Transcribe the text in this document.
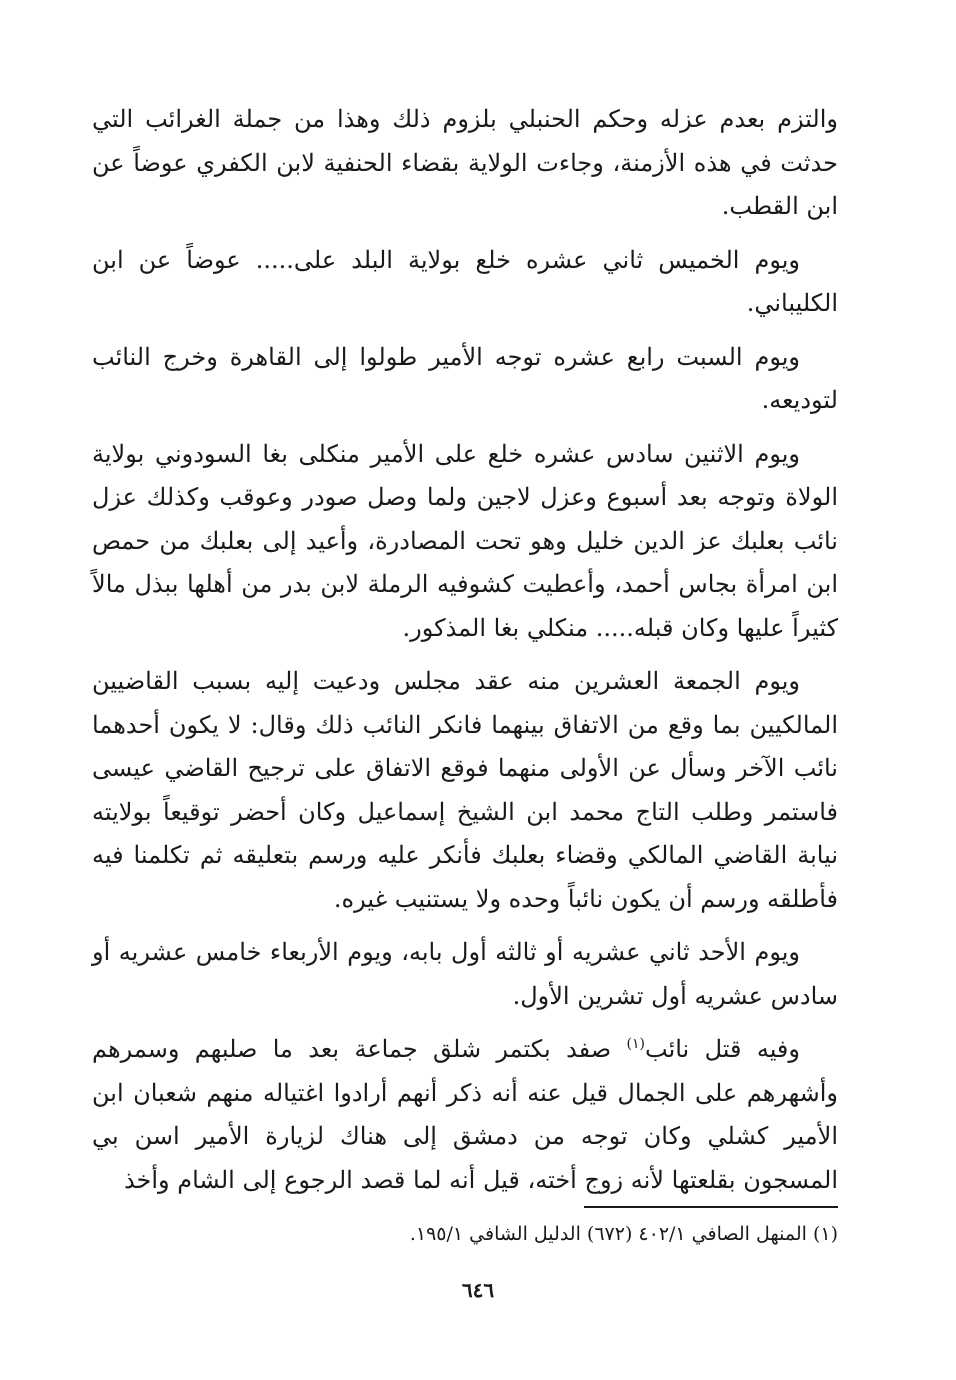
والتزم بعدم عزله وحكم الحنبلي بلزوم ذلك وهذا من جملة الغرائب التي حدثت في هذه الأزمنة، وجاءت الولاية بقضاء الحنفية لابن الكفري عوضاً عن ابن القطب.

ويوم الخميس ثاني عشره خلع بولاية البلد على..... عوضاً عن ابن الكليباني.

ويوم السبت رابع عشره توجه الأمير طولوا إلى القاهرة وخرج النائب لتوديعه.

ويوم الاثنين سادس عشره خلع على الأمير منكلى بغا السودوني بولاية الولاة وتوجه بعد أسبوع وعزل لاجين ولما وصل صودر وعوقب وكذلك عزل نائب بعلبك عز الدين خليل وهو تحت المصادرة، وأعيد إلى بعلبك من حمص ابن امرأة بجاس أحمد، وأعطيت كشوفيه الرملة لابن بدر من أهلها ببذل مالاً كثيراً عليها وكان قبله..... منكلي بغا المذكور.

ويوم الجمعة العشرين منه عقد مجلس ودعيت إليه بسبب القاضيين المالكيين بما وقع من الاتفاق بينهما فانكر النائب ذلك وقال: لا يكون أحدهما نائب الآخر وسأل عن الأولى منهما فوقع الاتفاق على ترجيح القاضي عيسى فاستمر وطلب التاج محمد ابن الشيخ إسماعيل وكان أحضر توقيعاً بولايته نيابة القاضي المالكي وقضاء بعلبك فأنكر عليه ورسم بتعليقه ثم تكلمنا فيه فأطلقه ورسم أن يكون نائباً وحده ولا يستنيب غيره.

ويوم الأحد ثاني عشريه أو ثالثه أول بابه، ويوم الأربعاء خامس عشريه أو سادس عشريه أول تشرين الأول.

وفيه قتل نائب$^{(١)}$ صفد بكتمر شلق جماعة بعد ما صلبهم وسمرهم وأشهرهم على الجمال قيل عنه أنه ذكر أنهم أرادوا اغتياله منهم شعبان ابن الأمير كشلي وكان توجه من دمشق إلى هناك لزيارة الأمير اسن بي المسجون بقلعتها لأنه زوج أخته، قيل أنه لما قصد الرجوع إلى الشام وأخذ

(١) المنهل الصافي ٤٠٢/١ (٦٧٢) الدليل الشافي ١٩٥/١.
٦٤٦
